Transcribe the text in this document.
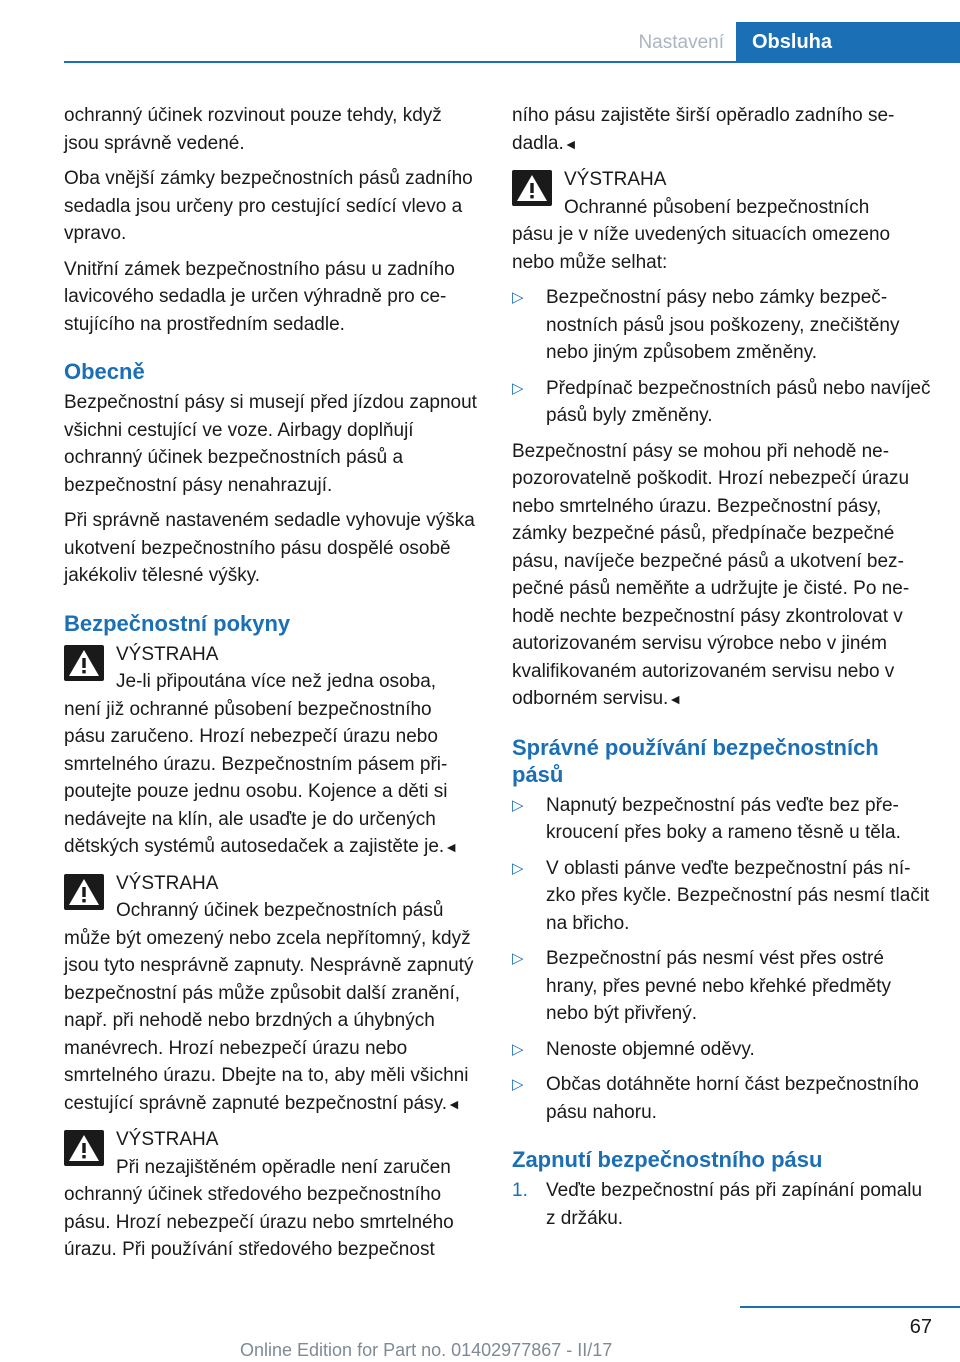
Nastavení	Obsluha

ochranný účinek rozvinout pouze tehdy, když jsou správně vedené.

Oba vnější zámky bezpečnostních pásů zadního sedadla jsou určeny pro cestující sedící vlevo a vpravo.

Vnitřní zámek bezpečnostního pásu u zadního lavicového sedadla je určen výhradně pro cestujícího na prostředním sedadle.

Obecně

Bezpečnostní pásy si musejí před jízdou zapnout všichni cestující ve voze. Airbagy doplňují ochranný účinek bezpečnostních pásů a bezpečnostní pásy nenahrazují.

Při správně nastaveném sedadle vyhovuje výška ukotvení bezpečnostního pásu dospělé osobě jakékoliv tělesné výšky.

Bezpečnostní pokyny
VÝSTRAHA
Je-li připoutána více než jedna osoba,

není již ochranné působení bezpečnostního pásu zaručeno. Hrozí nebezpečí úrazu nebo smrtelného úrazu. Bezpečnostním pásem připoutejte pouze jednu osobu. Kojence a děti si nedávejte na klín, ale usaďte je do určených dětských systémů autosedaček a zajistěte je.◄

VÝSTRAHA
Ochranný účinek bezpečnostních pásů

může být omezený nebo zcela nepřítomný, když jsou tyto nesprávně zapnuty. Nesprávně zapnutý bezpečnostní pás může způsobit další zranění, např. při nehodě nebo brzdných a úhybných manévrech. Hrozí nebezpečí úrazu nebo smrtelného úrazu. Dbejte na to, aby měli všichni cestující správně zapnuté bezpečnostní pásy.◄

VÝSTRAHA
Při nezajištěném opěradle není zaručen

ochranný účinek středového bezpečnostního pásu. Hrozí nebezpečí úrazu nebo smrtelného úrazu. Při používání středového bezpečnost

ního pásu zajistěte širší opěradlo zadního sedadla.◄

VÝSTRAHA
Ochranné působení bezpečnostních

pásu je v níže uvedených situacích omezeno nebo může selhat:

▷	Bezpečnostní pásy nebo zámky bezpečnostních pásů jsou poškozeny, znečištěny nebo jiným způsobem změněny.
▷	Předpínač bezpečnostních pásů nebo navíječ pásů byly změněny.

Bezpečnostní pásy se mohou při nehodě nepozorovatelně poškodit. Hrozí nebezpečí úrazu nebo smrtelného úrazu. Bezpečnostní pásy, zámky bezpečné pásů, předpínače bezpečné pásu, navíječe bezpečné pásů a ukotvení bezpečné pásů neměňte a udržujte je čisté. Po nehodě nechte bezpečnostní pásy zkontrolovat v autorizovaném servisu výrobce nebo v jiném kvalifikovaném autorizovaném servisu nebo v odborném servisu.◄

Správné používání bezpečnostních pásů
▷	Napnutý bezpečnostní pás veďte bez překroucení přes boky a rameno těsně u těla.
▷	V oblasti pánve veďte bezpečnostní pás nízko přes kyčle. Bezpečnostní pás nesmí tlačit na břicho.
▷	Bezpečnostní pás nesmí vést přes ostré hrany, přes pevné nebo křehké předměty nebo být přivřený.
▷	Nenoste objemné oděvy.
▷	Občas dotáhněte horní část bezpečnostního pásu nahoru.
Zapnutí bezpečnostního pásu
1. Veďte bezpečnostní pás při zapínání pomalu z držáku.
67
Online Edition for Part no. 01402977867 - II/17
